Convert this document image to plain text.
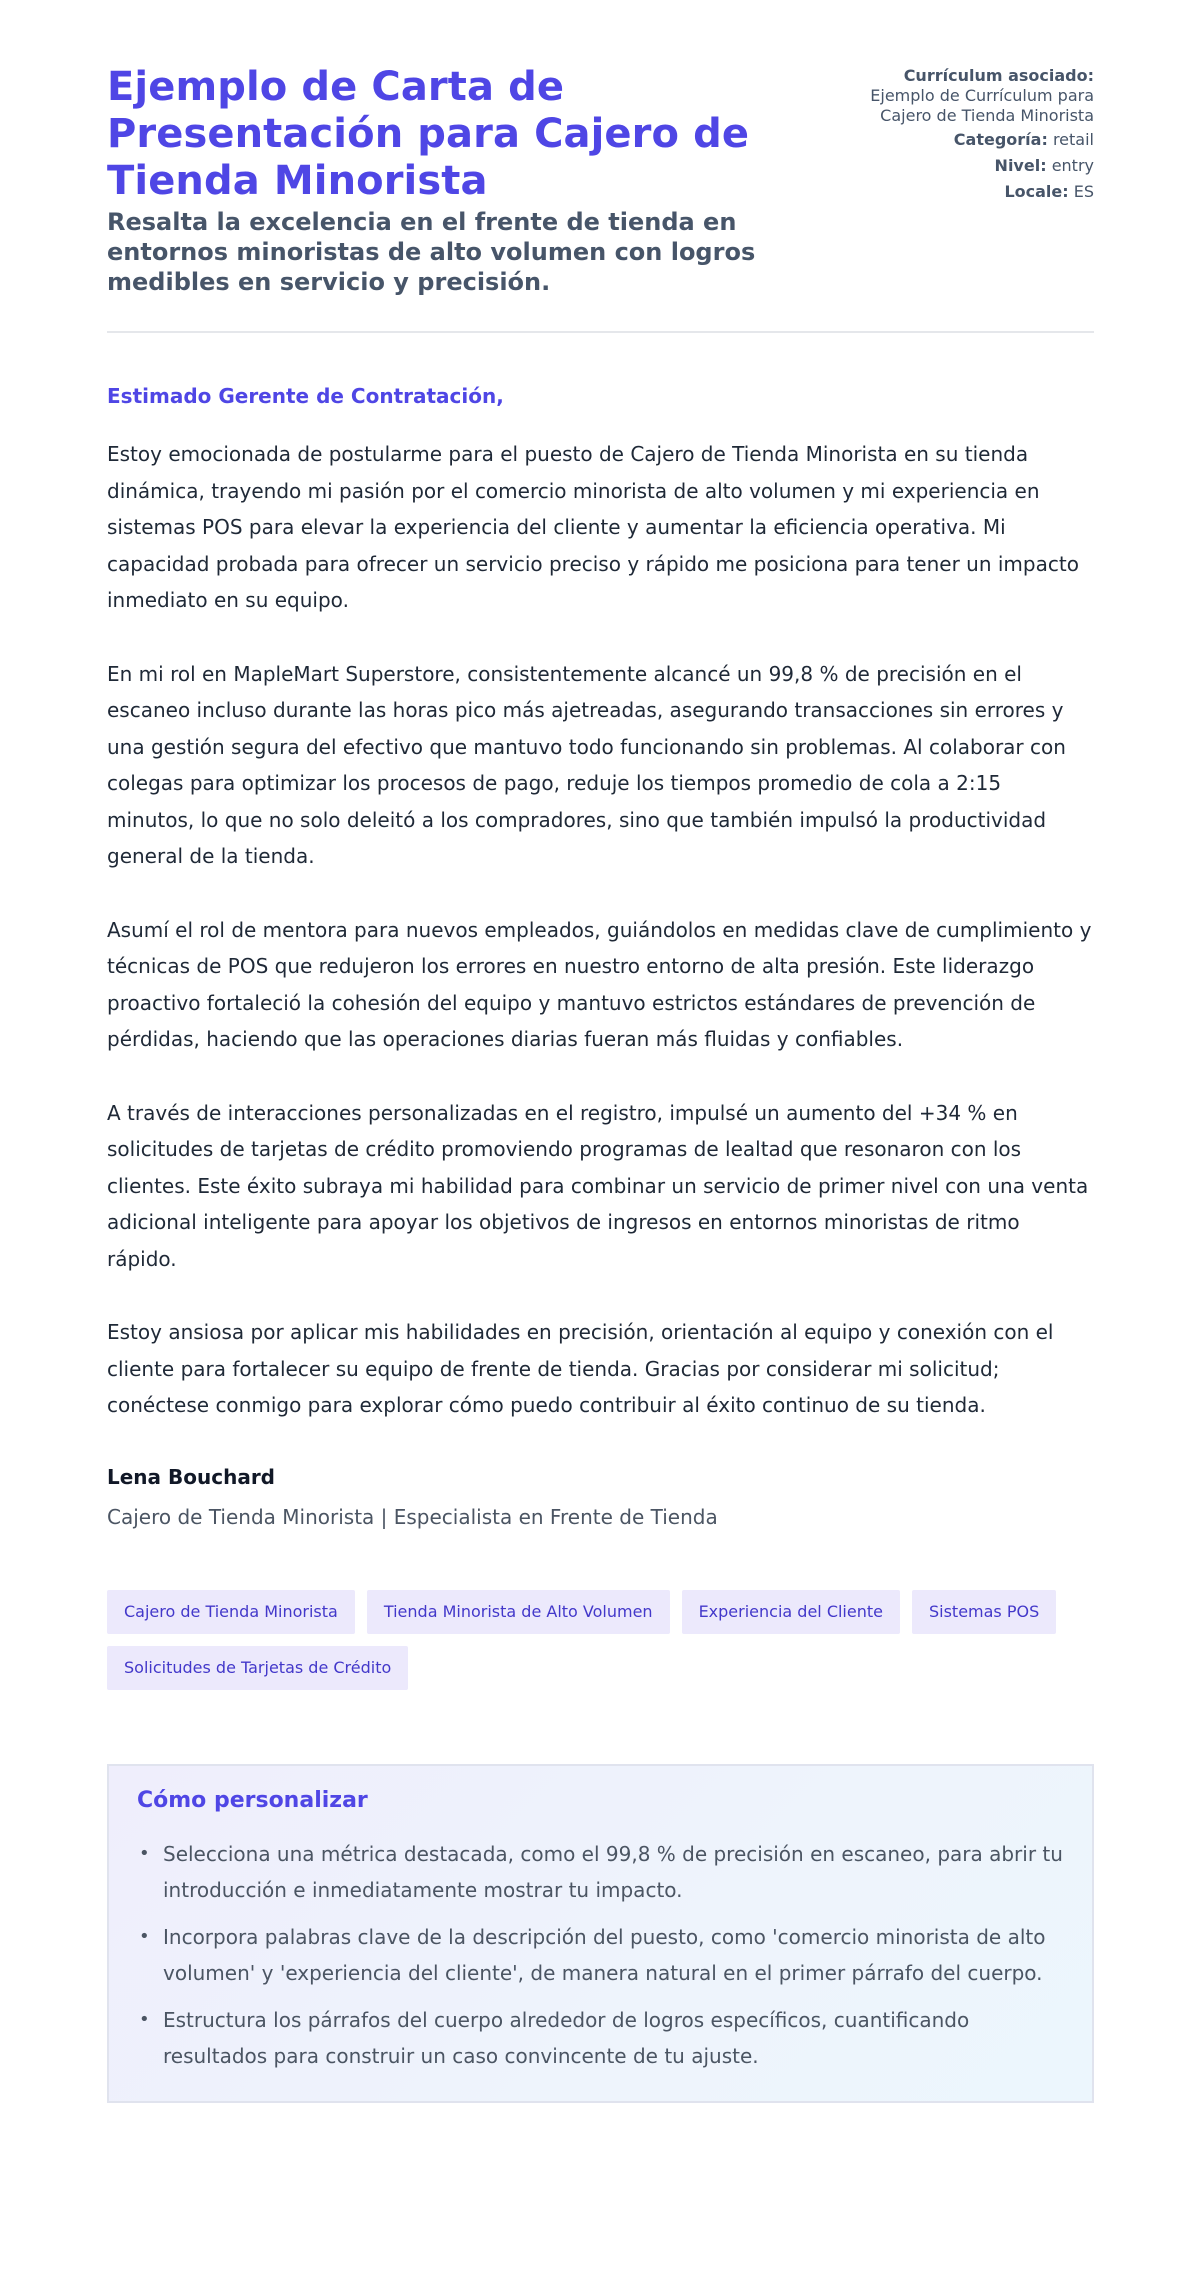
Ejemplo de Carta de Presentación para Cajero de Tienda Minorista
Resalta la excelencia en el frente de tienda en entornos minoristas de alto volumen con logros medibles en servicio y precisión.
Currículum asociado:
Ejemplo de Currículum para Cajero de Tienda Minorista
Categoría: retail
Nivel: entry
Locale: ES
Estimado Gerente de Contratación,

Estoy emocionada de postularme para el puesto de Cajero de Tienda Minorista en su tienda dinámica, trayendo mi pasión por el comercio minorista de alto volumen y mi experiencia en sistemas POS para elevar la experiencia del cliente y aumentar la eficiencia operativa. Mi capacidad probada para ofrecer un servicio preciso y rápido me posiciona para tener un impacto inmediato en su equipo.

En mi rol en MapleMart Superstore, consistentemente alcancé un 99,8 % de precisión en el escaneo incluso durante las horas pico más ajetreadas, asegurando transacciones sin errores y una gestión segura del efectivo que mantuvo todo funcionando sin problemas. Al colaborar con colegas para optimizar los procesos de pago, reduje los tiempos promedio de cola a 2:15 minutos, lo que no solo deleitó a los compradores, sino que también impulsó la productividad general de la tienda.

Asumí el rol de mentora para nuevos empleados, guiándolos en medidas clave de cumplimiento y técnicas de POS que redujeron los errores en nuestro entorno de alta presión. Este liderazgo proactivo fortaleció la cohesión del equipo y mantuvo estrictos estándares de prevención de pérdidas, haciendo que las operaciones diarias fueran más fluidas y confiables.

A través de interacciones personalizadas en el registro, impulsé un aumento del +34 % en solicitudes de tarjetas de crédito promoviendo programas de lealtad que resonaron con los clientes. Este éxito subraya mi habilidad para combinar un servicio de primer nivel con una venta adicional inteligente para apoyar los objetivos de ingresos en entornos minoristas de ritmo rápido.

Estoy ansiosa por aplicar mis habilidades en precisión, orientación al equipo y conexión con el cliente para fortalecer su equipo de frente de tienda. Gracias por considerar mi solicitud; conéctese conmigo para explorar cómo puedo contribuir al éxito continuo de su tienda.

Lena Bouchard
Cajero de Tienda Minorista | Especialista en Frente de Tienda
Cajero de Tienda Minorista	Tienda Minorista de Alto Volumen	Experiencia del Cliente	Sistemas POS
Solicitudes de Tarjetas de Crédito
Cómo personalizar
• Selecciona una métrica destacada, como el 99,8 % de precisión en escaneo, para abrir tu introducción e inmediatamente mostrar tu impacto.
• Incorpora palabras clave de la descripción del puesto, como 'comercio minorista de alto volumen' y 'experiencia del cliente', de manera natural en el primer párrafo del cuerpo.
• Estructura los párrafos del cuerpo alrededor de logros específicos, cuantificando resultados para construir un caso convincente de tu ajuste.
